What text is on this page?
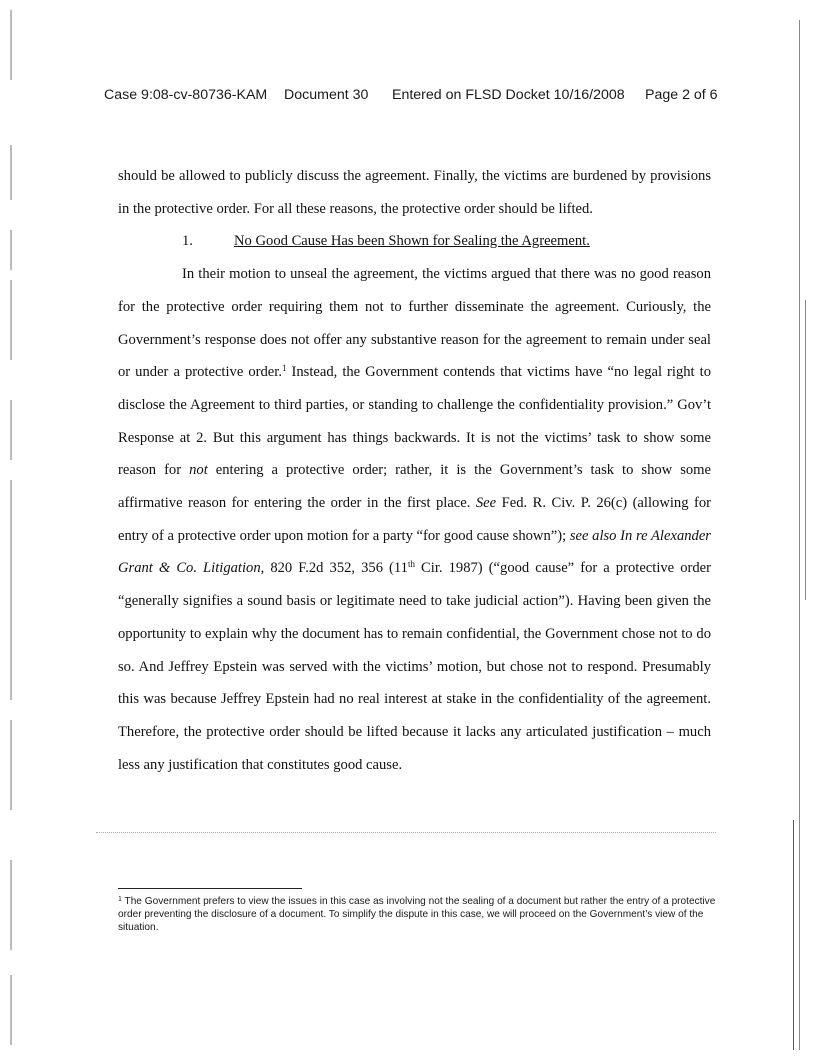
Case 9:08-cv-80736-KAM Document 30 Entered on FLSD Docket 10/16/2008 Page 2 of 6

should be allowed to publicly discuss the agreement. Finally, the victims are burdened by provisions in the protective order. For all these reasons, the protective order should be lifted.

1.	No Good Cause Has been Shown for Sealing the Agreement.

In their motion to unseal the agreement, the victims argued that there was no good reason for the protective order requiring them not to further disseminate the agreement. Curiously, the Government’s response does not offer any substantive reason for the agreement to remain under seal or under a protective order.$^1$ Instead, the Government contends that victims have “no legal right to disclose the Agreement to third parties, or standing to challenge the confidentiality provision.” Gov’t Response at 2. But this argument has things backwards. It is not the victims’ task to show some reason for not entering a protective order; rather, it is the Government’s task to show some affirmative reason for entering the order in the first place. See Fed. R. Civ. P. 26(c) (allowing for entry of a protective order upon motion for a party “for good cause shown”); see also In re Alexander Grant & Co. Litigation, 820 F.2d 352, 356 (11th Cir. 1987) (“good cause” for a protective order “generally signifies a sound basis or legitimate need to take judicial action”). Having been given the opportunity to explain why the document has to remain confidential, the Government chose not to do so. And Jeffrey Epstein was served with the victims’ motion, but chose not to respond. Presumably this was because Jeffrey Epstein had no real interest at stake in the confidentiality of the agreement. Therefore, the protective order should be lifted because it lacks any articulated justification – much less any justification that constitutes good cause.

$^1$ The Government prefers to view the issues in this case as involving not the sealing of a document but rather the entry of a protective order preventing the disclosure of a document. To simplify the dispute in this case, we will proceed on the Government’s view of the situation.
